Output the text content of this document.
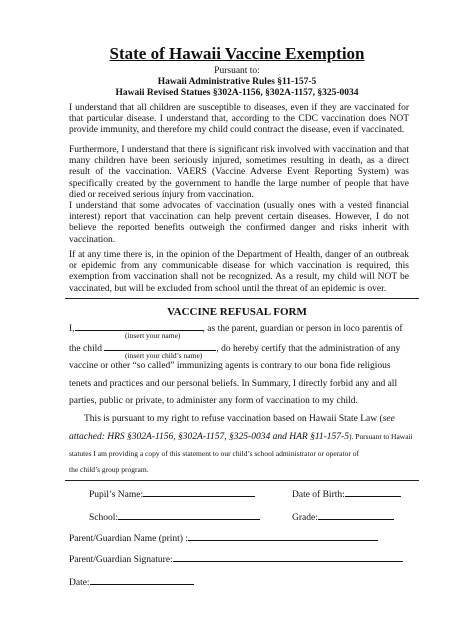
State of Hawaii Vaccine Exemption
Pursuant to:
Hawaii Administrative Rules §11-157-5
Hawaii Revised Statues §302A-1156, §302A-1157, §325-0034
I understand that all children are susceptible to diseases, even if they are vaccinated for
that particular disease. I understand that, according to the CDC vaccination does NOT
provide immunity, and therefore my child could contract the disease, even if vaccinated.
Furthermore, I understand that there is significant risk involved with vaccination and that
many children have been seriously injured, sometimes resulting in death, as a direct
result of the vaccination. VAERS (Vaccine Adverse Event Reporting System) was
specifically created by the government to handle the large number of people that have
died or received serious injury from vaccination.
I understand that some advocates of vaccination (usually ones with a vested financial
interest) report that vaccination can help prevent certain diseases. However, I do not
believe the reported benefits outweigh the confirmed danger and risks inherit with
vaccination.
If at any time there is, in the opinion of the Department of Health, danger of an outbreak
or epidemic from any communicable disease for which vaccination is required, this
exemption from vaccination shall not be recognized. As a result, my child will NOT be
vaccinated, but will be excluded from school until the threat of an epidemic is over.
VACCINE REFUSAL FORM
I,	, as the parent, guardian or person in loco parentis of
(insert your name)
the child	, do hereby certify that the administration of any
(insert your child’s name)
vaccine or other “so called” immunizing agents is contrary to our bona fide religious
tenets and practices and our personal beliefs. In Summary, I directly forbid any and all
parties, public or private, to administer any form of vaccination to my child.
This is pursuant to my right to refuse vaccination based on Hawaii State Law (see
attached: HRS §302A-1156, §302A-1157, §325-0034 and HAR §11-157-5). Pursuant to Hawaii
statutes I am providing a copy of this statement to our child’s school administrator or operator of
the child’s group program.
Pupil’s Name:	Date of Birth:
School:	Grade:
Parent/Guardian Name (print) :
Parent/Guardian Signature:
Date:
